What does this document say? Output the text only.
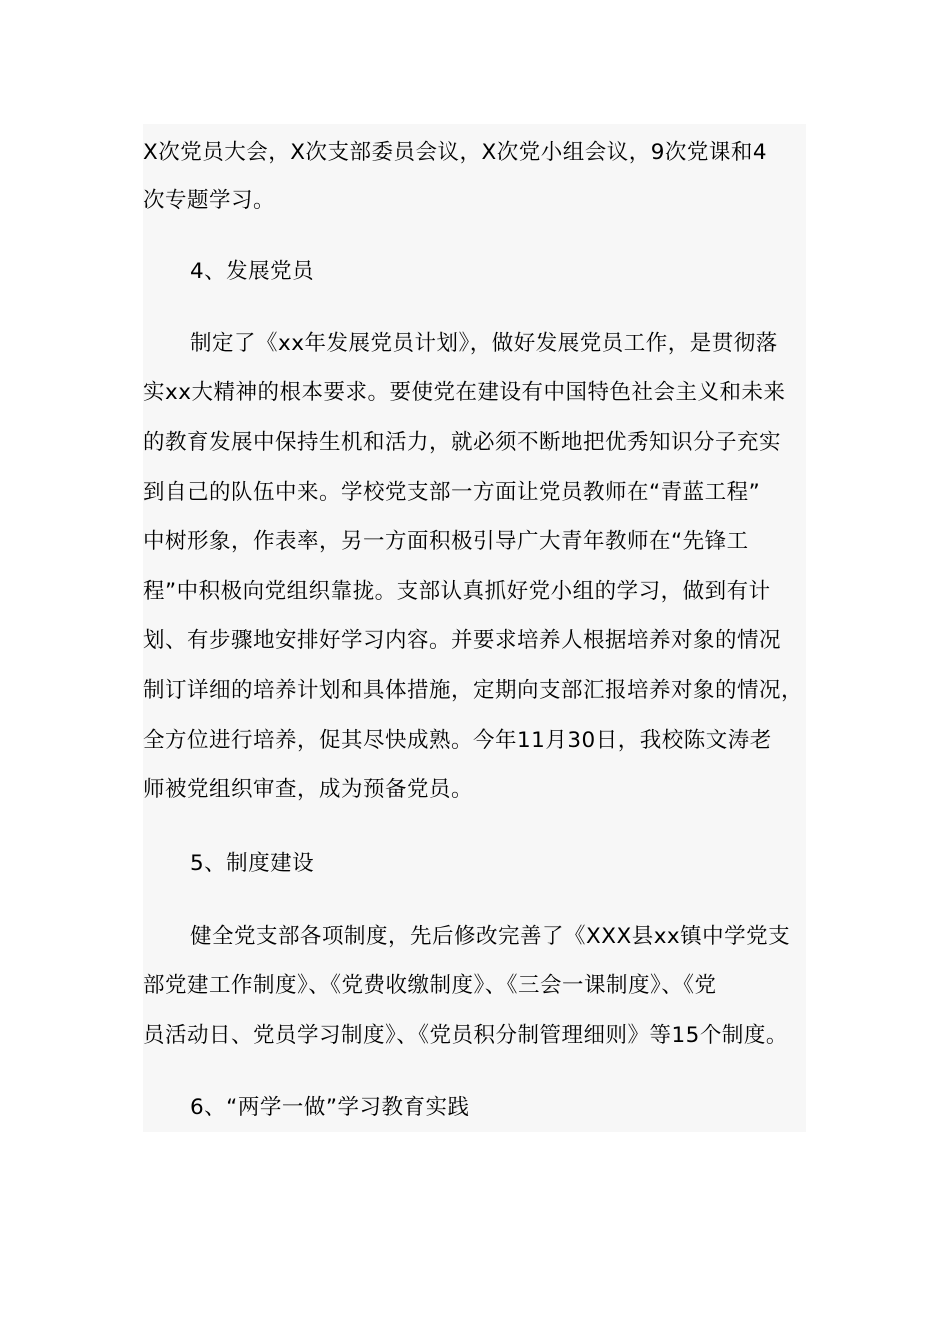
X次党员大会，X次支部委员会议，X次党小组会议，9次党课和4
次专题学习。
4、发展党员
制定了《xx年发展党员计划》，做好发展党员工作，是贯彻落
实xx大精神的根本要求。要使党在建设有中国特色社会主义和未来
的教育发展中保持生机和活力，就必须不断地把优秀知识分子充实
到自己的队伍中来。学校党支部一方面让党员教师在“青蓝工程”
中树形象，作表率，另一方面积极引导广大青年教师在“先锋工
程”中积极向党组织靠拢。支部认真抓好党小组的学习，做到有计
划、有步骤地安排好学习内容。并要求培养人根据培养对象的情况
制订详细的培养计划和具体措施，定期向支部汇报培养对象的情况，
全方位进行培养，促其尽快成熟。今年11月30日，我校陈文涛老
师被党组织审查，成为预备党员。
5、制度建设
健全党支部各项制度，先后修改完善了《XXX县xx镇中学党支
部党建工作制度》、《党费收缴制度》、《三会一课制度》、《党
员活动日、党员学习制度》、《党员积分制管理细则》等15个制度。
6、“两学一做”学习教育实践
